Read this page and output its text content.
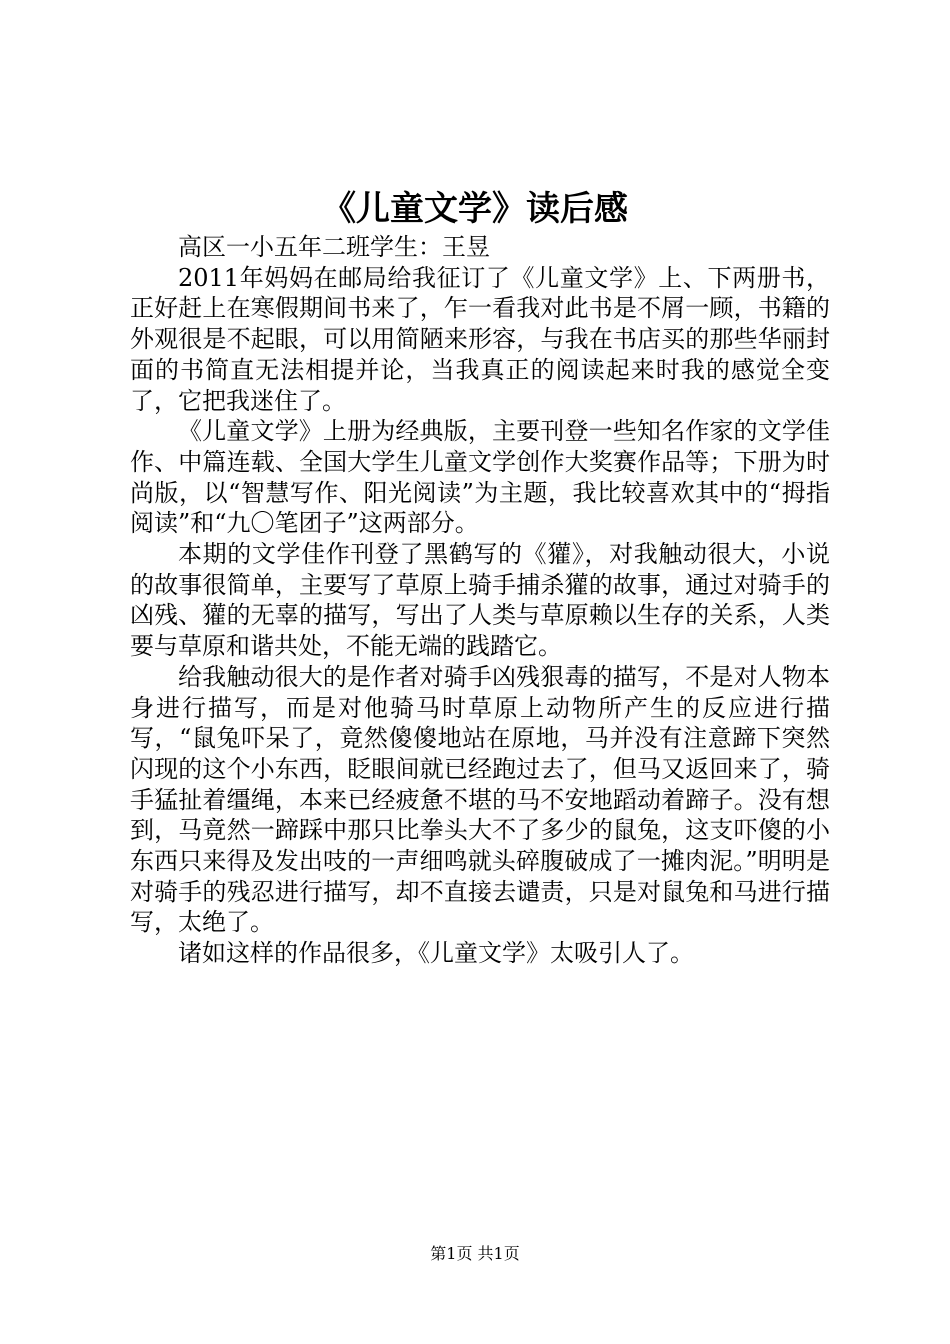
《儿童文学》读后感

高区一小五年二班学生：王昱

2011年妈妈在邮局给我征订了《儿童文学》上、下两册书，正好赶上在寒假期间书来了，乍一看我对此书是不屑一顾，书籍的外观很是不起眼，可以用简陋来形容，与我在书店买的那些华丽封面的书简直无法相提并论，当我真正的阅读起来时我的感觉全变了，它把我迷住了。

《儿童文学》上册为经典版，主要刊登一些知名作家的文学佳作、中篇连载、全国大学生儿童文学创作大奖赛作品等；下册为时尚版，以“智慧写作、阳光阅读”为主题，我比较喜欢其中的“拇指阅读”和“九〇笔团子”这两部分。

本期的文学佳作刊登了黑鹤写的《獾》，对我触动很大，小说的故事很简单，主要写了草原上骑手捕杀獾的故事，通过对骑手的凶残、獾的无辜的描写，写出了人类与草原赖以生存的关系，人类要与草原和谐共处，不能无端的践踏它。

给我触动很大的是作者对骑手凶残狠毒的描写，不是对人物本身进行描写，而是对他骑马时草原上动物所产生的反应进行描写，“鼠兔吓呆了，竟然傻傻地站在原地，马并没有注意蹄下突然闪现的这个小东西，眨眼间就已经跑过去了，但马又返回来了，骑手猛扯着缰绳，本来已经疲惫不堪的马不安地蹈动着蹄子。没有想到，马竟然一蹄踩中那只比拳头大不了多少的鼠兔，这支吓傻的小东西只来得及发出吱的一声细鸣就头碎腹破成了一摊肉泥。”明明是对骑手的残忍进行描写，却不直接去谴责，只是对鼠兔和马进行描写，太绝了。

诸如这样的作品很多，《儿童文学》太吸引人了。

第1页 共1页
